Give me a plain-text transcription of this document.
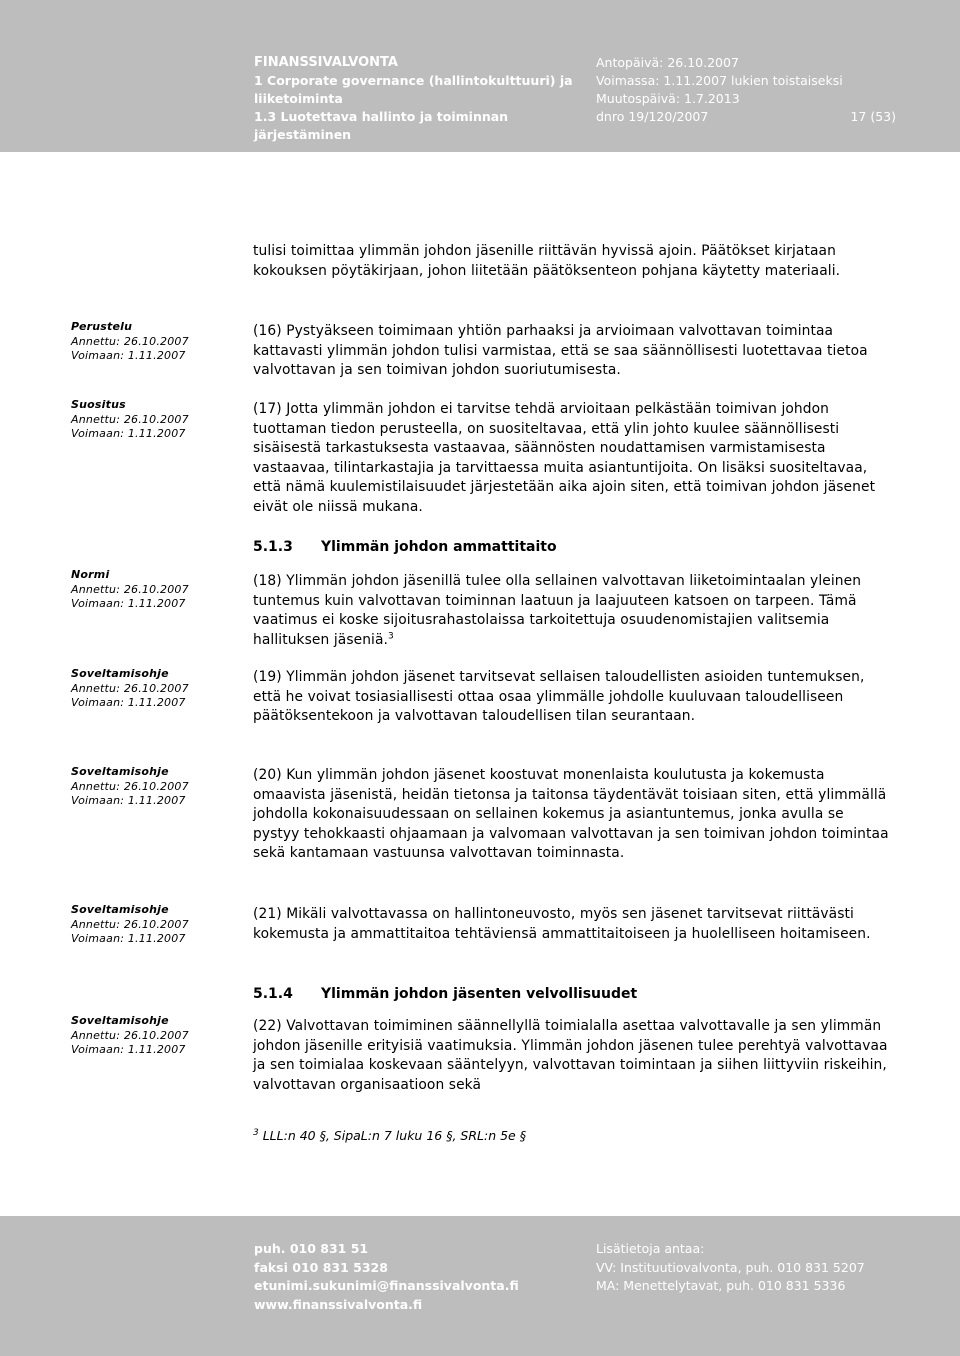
FINANSSIVALVONTA
1 Corporate governance (hallintokulttuuri) ja liiketoiminta
1.3 Luotettava hallinto ja toiminnan järjestäminen
Antopäivä: 26.10.2007
Voimassa: 1.11.2007 lukien toistaiseksi
Muutospäivä: 1.7.2013
dnro 19/120/2007	17 (53)

tulisi toimittaa ylimmän johdon jäsenille riittävän hyvissä ajoin. Päätökset kirjataan kokouksen pöytäkirjaan, johon liitetään päätöksenteon pohjana käytetty materiaali.

(16) Pystyäkseen toimimaan yhtiön parhaaksi ja arvioimaan valvottavan toimintaa kattavasti ylimmän johdon tulisi varmistaa, että se saa säännöllisesti luotettavaa tietoa valvottavan ja sen toimivan johdon suoriutumisesta.

(17) Jotta ylimmän johdon ei tarvitse tehdä arvioitaan pelkästään toimivan johdon tuottaman tiedon perusteella, on suositeltavaa, että ylin johto kuulee säännöllisesti sisäisestä tarkastuksesta vastaavaa, säännösten noudattamisen varmistamisesta vastaavaa, tilintarkastajia ja tarvittaessa muita asiantuntijoita. On lisäksi suositeltavaa, että nämä kuulemistilaisuudet järjestetään aika ajoin siten, että toimivan johdon jäsenet eivät ole niissä mukana.

5.1.3 Ylimmän johdon ammattitaito

(18) Ylimmän johdon jäsenillä tulee olla sellainen valvottavan liiketoimintaalan yleinen tuntemus kuin valvottavan toiminnan laatuun ja laajuuteen katsoen on tarpeen. Tämä vaatimus ei koske sijoitusrahastolaissa tarkoitettuja osuudenomistajien valitsemia hallituksen jäseniä.$^3$

(19) Ylimmän johdon jäsenet tarvitsevat sellaisen taloudellisten asioiden tuntemuksen, että he voivat tosiasiallisesti ottaa osaa ylimmälle johdolle kuuluvaan taloudelliseen päätöksentekoon ja valvottavan taloudellisen tilan seurantaan.

(20) Kun ylimmän johdon jäsenet koostuvat monenlaista koulutusta ja kokemusta omaavista jäsenistä, heidän tietonsa ja taitonsa täydentävät toisiaan siten, että ylimmällä johdolla kokonaisuudessaan on sellainen kokemus ja asiantuntemus, jonka avulla se pystyy tehokkaasti ohjaamaan ja valvomaan valvottavan ja sen toimivan johdon toimintaa sekä kantamaan vastuunsa valvottavan toiminnasta.

(21) Mikäli valvottavassa on hallintoneuvosto, myös sen jäsenet tarvitsevat riittävästi kokemusta ja ammattitaitoa tehtäviensä ammattitaitoiseen ja huolelliseen hoitamiseen.

5.1.4 Ylimmän johdon jäsenten velvollisuudet

(22) Valvottavan toimiminen säännellyllä toimialalla asettaa valvottavalle ja sen ylimmän johdon jäsenille erityisiä vaatimuksia. Ylimmän johdon jäsenen tulee perehtyä valvottavaa ja sen toimialaa koskevaan sääntelyyn, valvottavan toimintaan ja siihen liittyviin riskeihin, valvottavan organisaatioon sekä

Perustelu
Annettu: 26.10.2007
Voimaan: 1.11.2007
Suositus
Annettu: 26.10.2007
Voimaan: 1.11.2007
Normi
Annettu: 26.10.2007
Voimaan: 1.11.2007
Soveltamisohje
Annettu: 26.10.2007
Voimaan: 1.11.2007
Soveltamisohje
Annettu: 26.10.2007
Voimaan: 1.11.2007
Soveltamisohje
Annettu: 26.10.2007
Voimaan: 1.11.2007
Soveltamisohje
Annettu: 26.10.2007
Voimaan: 1.11.2007
$^3$ LLL:n 40 §, SipaL:n 7 luku 16 §, SRL:n 5e §
puh. 010 831 51
faksi 010 831 5328
etunimi.sukunimi@finanssivalvonta.fi
www.finanssivalvonta.fi
Lisätietoja antaa:
VV: Instituutiovalvonta, puh. 010 831 5207
MA: Menettelytavat, puh. 010 831 5336
